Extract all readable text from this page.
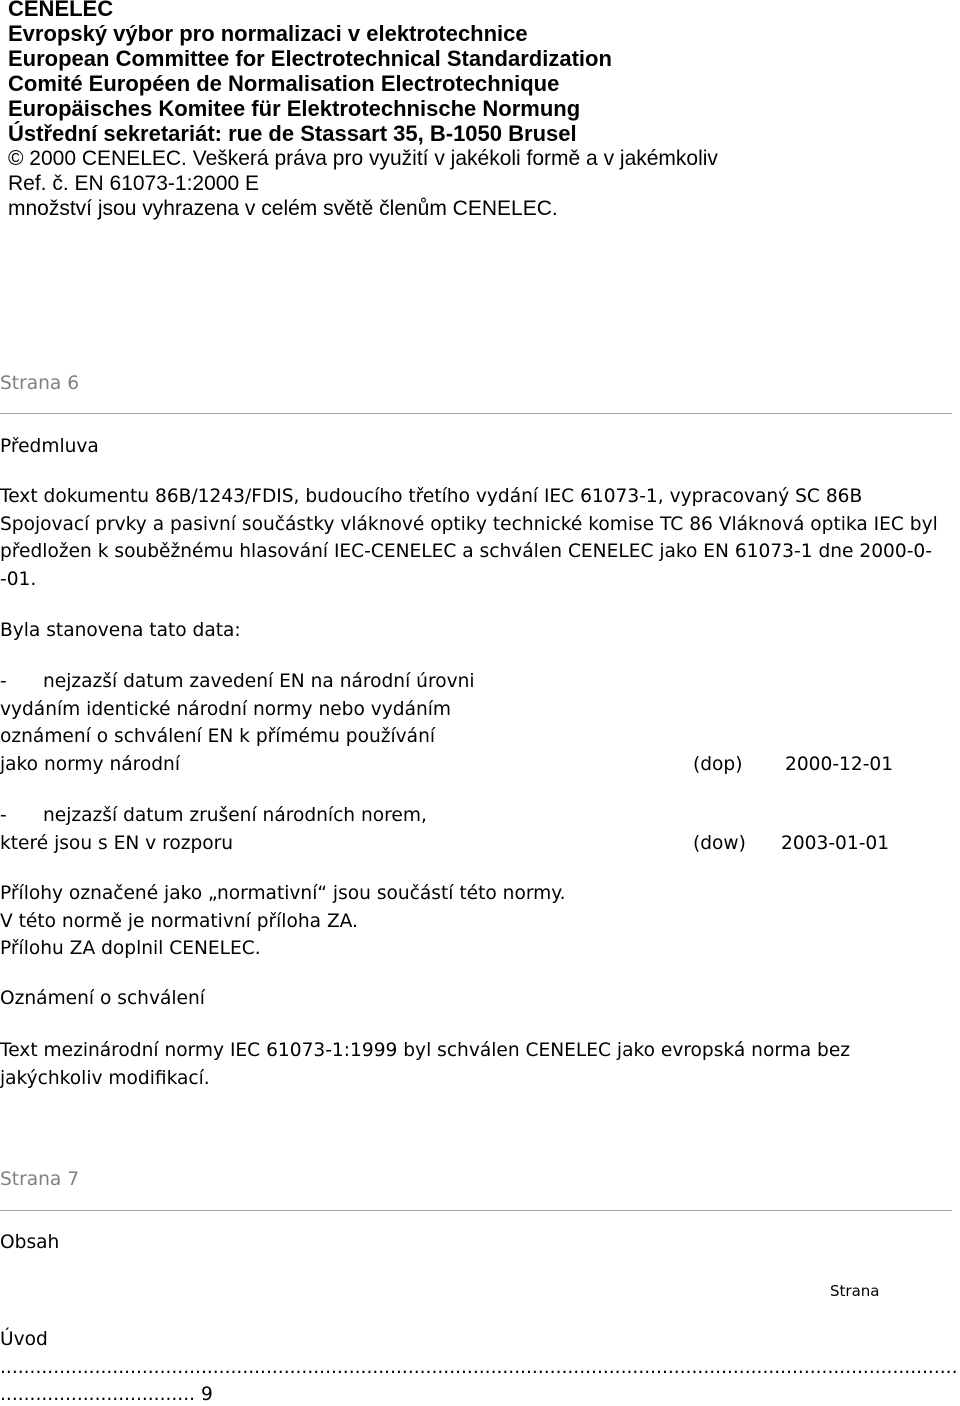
CENELEC
Evropský výbor pro normalizaci v elektrotechnice
European Committee for Electrotechnical Standardization
Comité Européen de Normalisation Electrotechnique
Europäisches Komitee für Elektrotechnische Normung
Ústřední sekretariát: rue de Stassart 35, B-1050 Brusel
© 2000 CENELEC. Veškerá práva pro využití v jakékoli formě a v jakémkoliv
Ref. č. EN 61073-1:2000 E
množství jsou vyhrazena v celém světě členům CENELEC.
Strana 6
Předmluva
Text dokumentu 86B/1243/FDIS, budoucího třetího vydání IEC 61073-1, vypracovaný SC 86B
Spojovací prvky a pasivní součástky vláknové optiky technické komise TC 86 Vláknová optika IEC byl
předložen k souběžnému hlasování IEC-CENELEC a schválen CENELEC jako EN 61073-1 dne 2000-0-
-01.
Byla stanovena tato data:
- nejzazší datum zavedení EN na národní úrovni
vydáním identické národní normy nebo vydáním
oznámení o schválení EN k přímému používání
jako normy národní	(dop) 2000-12-01
- nejzazší datum zrušení národních norem,
které jsou s EN v rozporu	(dow) 2003-01-01
Přílohy označené jako „normativní“ jsou součástí této normy.
V této normě je normativní příloha ZA.
Přílohu ZA doplnil CENELEC.
Oznámení o schválení
Text mezinárodní normy IEC 61073-1:1999 byl schválen CENELEC jako evropská norma bez
jakýchkoliv modifikací.
Strana 7
Obsah
Strana
Úvod
..................................................................................................................................................................
................................. 9
